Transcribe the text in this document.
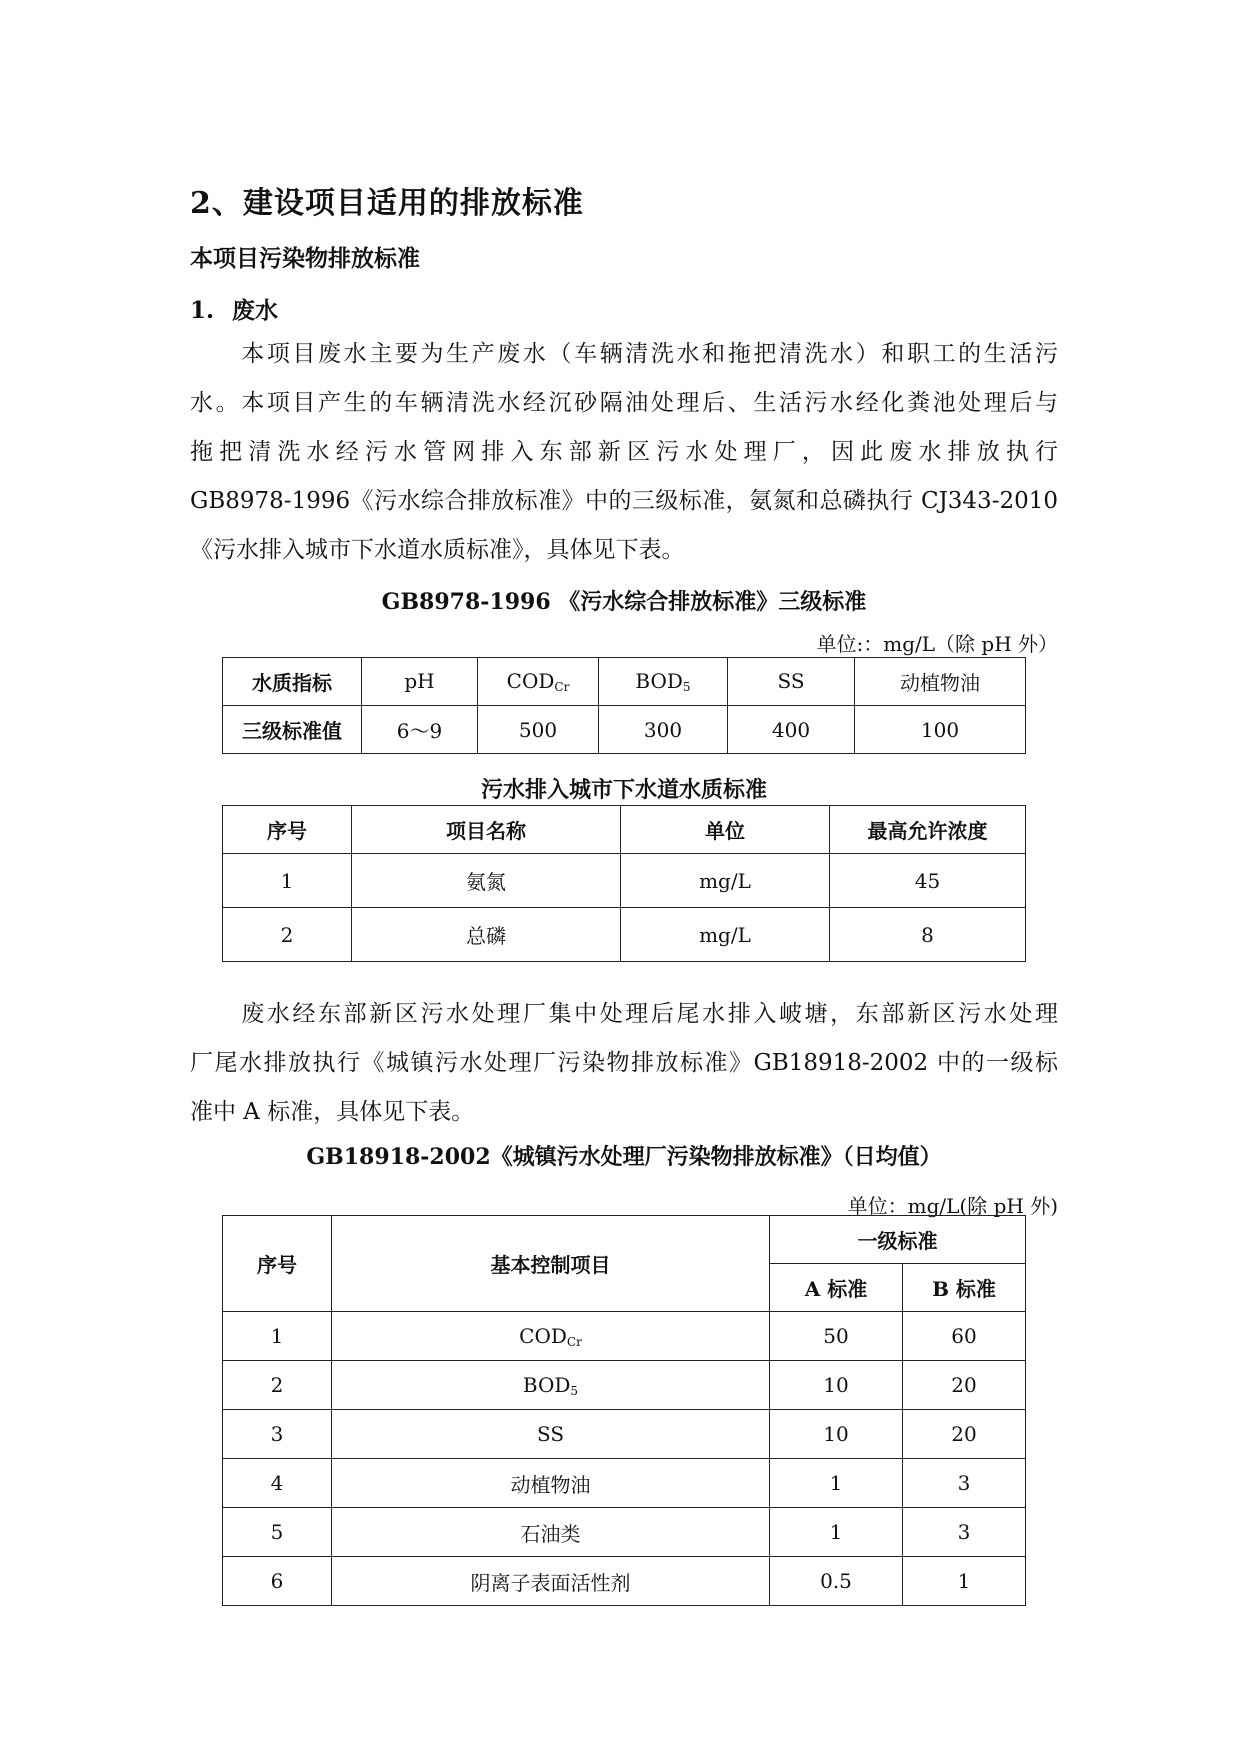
2、建设项目适用的排放标准
本项目污染物排放标准
1. 废水
　　本项目废水主要为生产废水（车辆清洗水和拖把清洗水）和职工的生活污
水。本项目产生的车辆清洗水经沉砂隔油处理后、生活污水经化粪池处理后与
拖把清洗水经污水管网排入东部新区污水处理厂，因此废水排放执行
GB8978-1996《污水综合排放标准》中的三级标准，氨氮和总磷执行 CJ343-2010
《污水排入城市下水道水质标准》，具体见下表。
GB8978-1996 《污水综合排放标准》三级标准
单位:：mg/L（除 pH 外）
水质指标	pH	$COD_{Cr}$	$BOD_5$	SS	动植物油
三级标准值	6～9	500	300	400	100
污水排入城市下水道水质标准
序号	项目名称	单位	最高允许浓度
1	氨氮	mg/L	45
2	总磷	mg/L	8
　　废水经东部新区污水处理厂集中处理后尾水排入岥塘，东部新区污水处理
厂尾水排放执行《城镇污水处理厂污染物排放标准》GB18918-2002 中的一级标
准中 A 标准，具体见下表。
GB18918-2002《城镇污水处理厂污染物排放标准》（日均值）
单位：mg/L(除 pH 外)
序号	基本控制项目	一级标准	
		A 标准	B 标准
1	$COD_{Cr}$	50	60
2	$BOD_5$	10	20
3	SS	10	20
4	动植物油	1	3
5	石油类	1	3
6	阴离子表面活性剂	0.5	1
